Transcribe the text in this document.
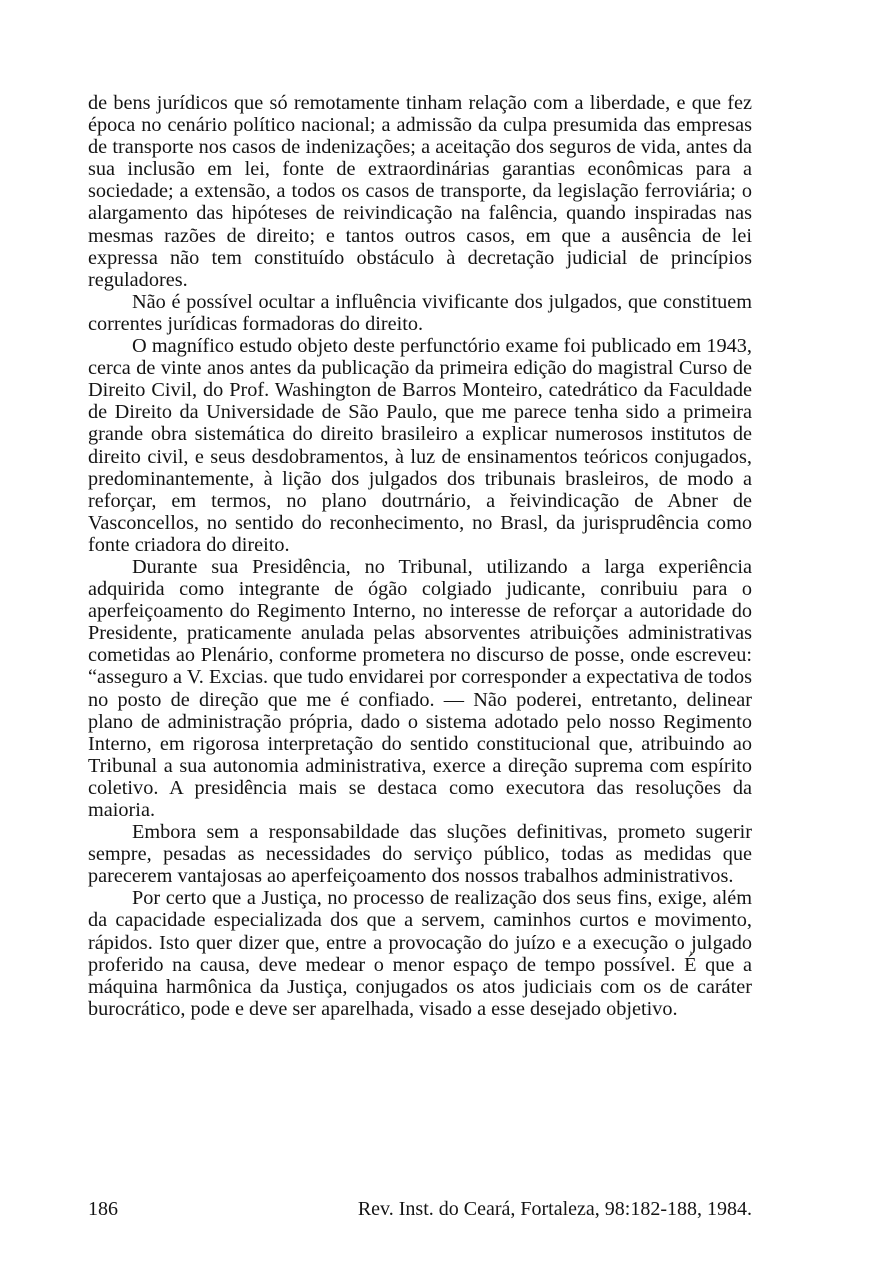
de bens jurídicos que só remotamente tinham relação com a liberdade, e que fez época no cenário político nacional; a admissão da culpa presumida das empresas de transporte nos casos de indenizações; a aceitação dos seguros de vida, antes da sua inclusão em lei, fonte de extraordinárias garantias econômicas para a sociedade; a extensão, a todos os casos de transporte, da legislação ferroviária; o alargamento das hipóteses de reivindicação na falência, quando inspiradas nas mesmas razões de direito; e tantos outros casos, em que a ausência de lei expressa não tem constituído obstáculo à decretação judicial de princípios reguladores.

Não é possível ocultar a influência vivificante dos julgados, que constituem correntes jurídicas formadoras do direito.

O magnífico estudo objeto deste perfunctório exame foi publicado em 1943, cerca de vinte anos antes da publicação da primeira edição do magistral Curso de Direito Civil, do Prof. Washington de Barros Monteiro, catedrático da Faculdade de Direito da Universidade de São Paulo, que me parece tenha sido a primeira grande obra sistemática do direito brasileiro a explicar numerosos institutos de direito civil, e seus desdobramentos, à luz de ensinamentos teóricos conjugados, predominantemente, à lição dos julgados dos tribunais brasleiros, de modo a reforçar, em termos, no plano doutrnário, a řeivindicação de Abner de Vasconcellos, no sentido do reconhecimento, no Brasl, da jurisprudência como fonte criadora do direito.

Durante sua Presidência, no Tribunal, utilizando a larga experiência adquirida como integrante de ógão colgiado judicante, conribuiu para o aperfeiçoamento do Regimento Interno, no interesse de reforçar a autoridade do Presidente, praticamente anulada pelas absorventes atribuições administrativas cometidas ao Plenário, conforme prometera no discurso de posse, onde escreveu: “asseguro a V. Excias. que tudo envidarei por corresponder a expectativa de todos no posto de direção que me é confiado. — Não poderei, entretanto, delinear plano de administração própria, dado o sistema adotado pelo nosso Regimento Interno, em rigorosa interpretação do sentido constitucional que, atribuindo ao Tribunal a sua autonomia administrativa, exerce a direção suprema com espírito coletivo. A presidência mais se destaca como executora das resoluções da maioria.

Embora sem a responsabildade das sluções definitivas, prometo sugerir sempre, pesadas as necessidades do serviço público, todas as medidas que parecerem vantajosas ao aperfeiçoamento dos nossos trabalhos administrativos.

Por certo que a Justiça, no processo de realização dos seus fins, exige, além da capacidade especializada dos que a servem, caminhos curtos e movimento, rápidos. Isto quer dizer que, entre a provocação do juízo e a execução o julgado proferido na causa, deve medear o menor espaço de tempo possível. É que a máquina harmônica da Justiça, conjugados os atos judiciais com os de caráter burocrático, pode e deve ser aparelhada, visado a esse desejado objetivo.

186	Rev. Inst. do Ceará, Fortaleza, 98:182-188, 1984.
